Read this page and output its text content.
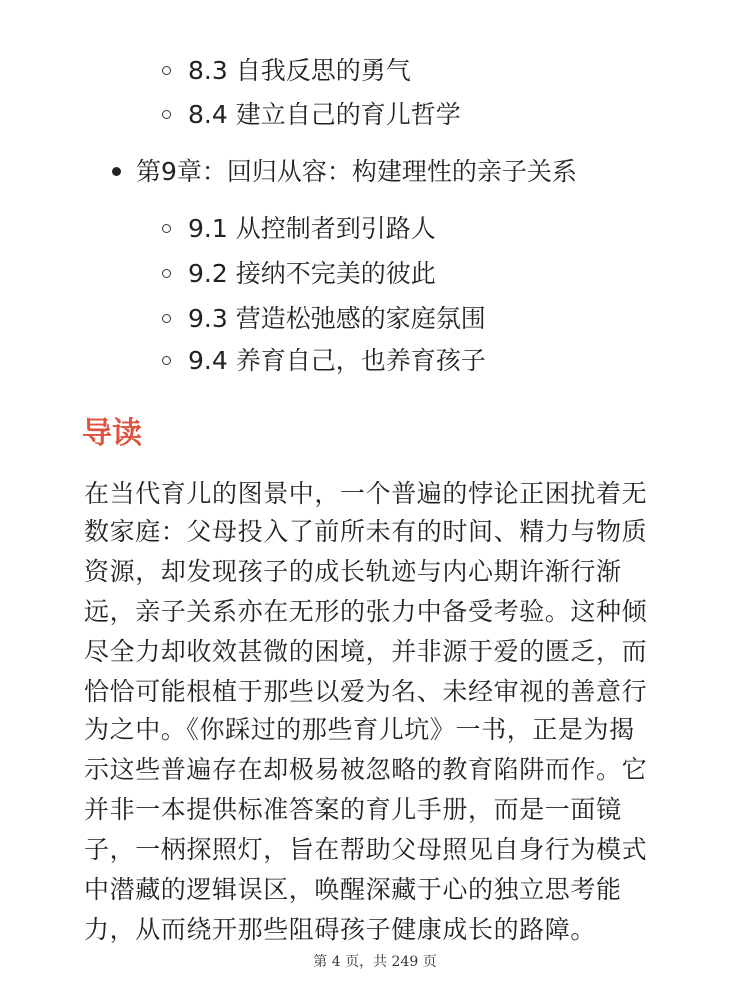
8.3 自我反思的勇气
8.4 建立自己的育儿哲学
第9章：回归从容：构建理性的亲子关系
9.1 从控制者到引路人
9.2 接纳不完美的彼此
9.3 营造松弛感的家庭氛围
9.4 养育自己，也养育孩子
导读
在当代育儿的图景中，一个普遍的悖论正困扰着无
数家庭：父母投入了前所未有的时间、精力与物质
资源，却发现孩子的成长轨迹与内心期许渐行渐
远，亲子关系亦在无形的张力中备受考验。这种倾
尽全力却收效甚微的困境，并非源于爱的匮乏，而
恰恰可能根植于那些以爱为名、未经审视的善意行
为之中。《你踩过的那些育儿坑》一书，正是为揭
示这些普遍存在却极易被忽略的教育陷阱而作。它
并非一本提供标准答案的育儿手册，而是一面镜
子，一柄探照灯，旨在帮助父母照见自身行为模式
中潜藏的逻辑误区，唤醒深藏于心的独立思考能
力，从而绕开那些阻碍孩子健康成长的路障。
第 4 页，共 249 页
